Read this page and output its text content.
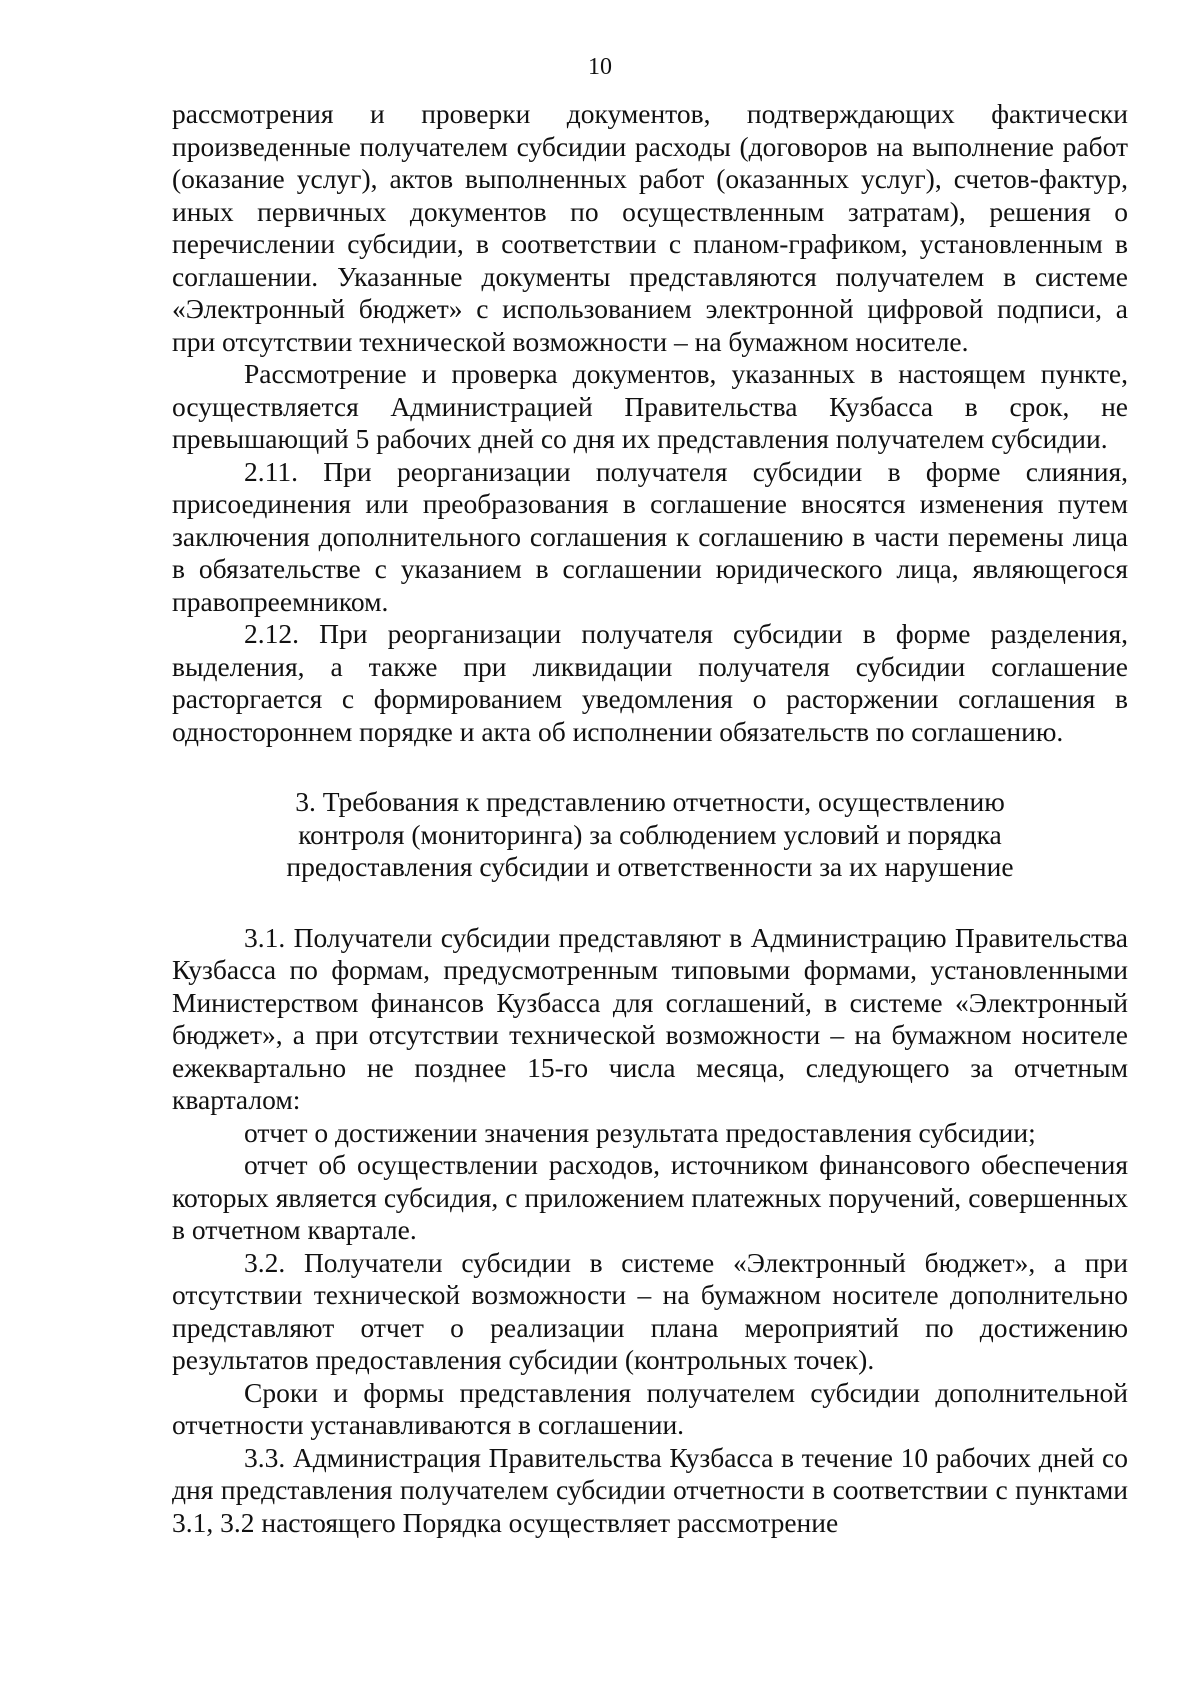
10

рассмотрения и проверки документов, подтверждающих фактически произведенные получателем субсидии расходы (договоров на выполнение работ (оказание услуг), актов выполненных работ (оказанных услуг), счетов-фактур, иных первичных документов по осуществленным затратам), решения о перечислении субсидии, в соответствии с планом-графиком, установленным в соглашении. Указанные документы представляются получателем в системе «Электронный бюджет» с использованием электронной цифровой подписи, а при отсутствии технической возможности – на бумажном носителе.

Рассмотрение и проверка документов, указанных в настоящем пункте, осуществляется Администрацией Правительства Кузбасса в срок, не превышающий 5 рабочих дней со дня их представления получателем субсидии.

2.11. При реорганизации получателя субсидии в форме слияния, присоединения или преобразования в соглашение вносятся изменения путем заключения дополнительного соглашения к соглашению в части перемены лица в обязательстве с указанием в соглашении юридического лица, являющегося правопреемником.

2.12. При реорганизации получателя субсидии в форме разделения, выделения, а также при ликвидации получателя субсидии соглашение расторгается с формированием уведомления о расторжении соглашения в одностороннем порядке и акта об исполнении обязательств по соглашению.

3. Требования к представлению отчетности, осуществлению
контроля (мониторинга) за соблюдением условий и порядка
предоставления субсидии и ответственности за их нарушение

3.1. Получатели субсидии представляют в Администрацию Правительства Кузбасса по формам, предусмотренным типовыми формами, установленными Министерством финансов Кузбасса для соглашений, в системе «Электронный бюджет», а при отсутствии технической возможности – на бумажном носителе ежеквартально не позднее 15-го числа месяца, следующего за отчетным кварталом:

отчет о достижении значения результата предоставления субсидии;

отчет об осуществлении расходов, источником финансового обеспечения которых является субсидия, с приложением платежных поручений, совершенных в отчетном квартале.

3.2. Получатели субсидии в системе «Электронный бюджет», а при отсутствии технической возможности – на бумажном носителе дополнительно представляют отчет о реализации плана мероприятий по достижению результатов предоставления субсидии (контрольных точек).

Сроки и формы представления получателем субсидии дополнительной отчетности устанавливаются в соглашении.

3.3. Администрация Правительства Кузбасса в течение 10 рабочих дней со дня представления получателем субсидии отчетности в соответствии с пунктами 3.1, 3.2 настоящего Порядка осуществляет рассмотрение
